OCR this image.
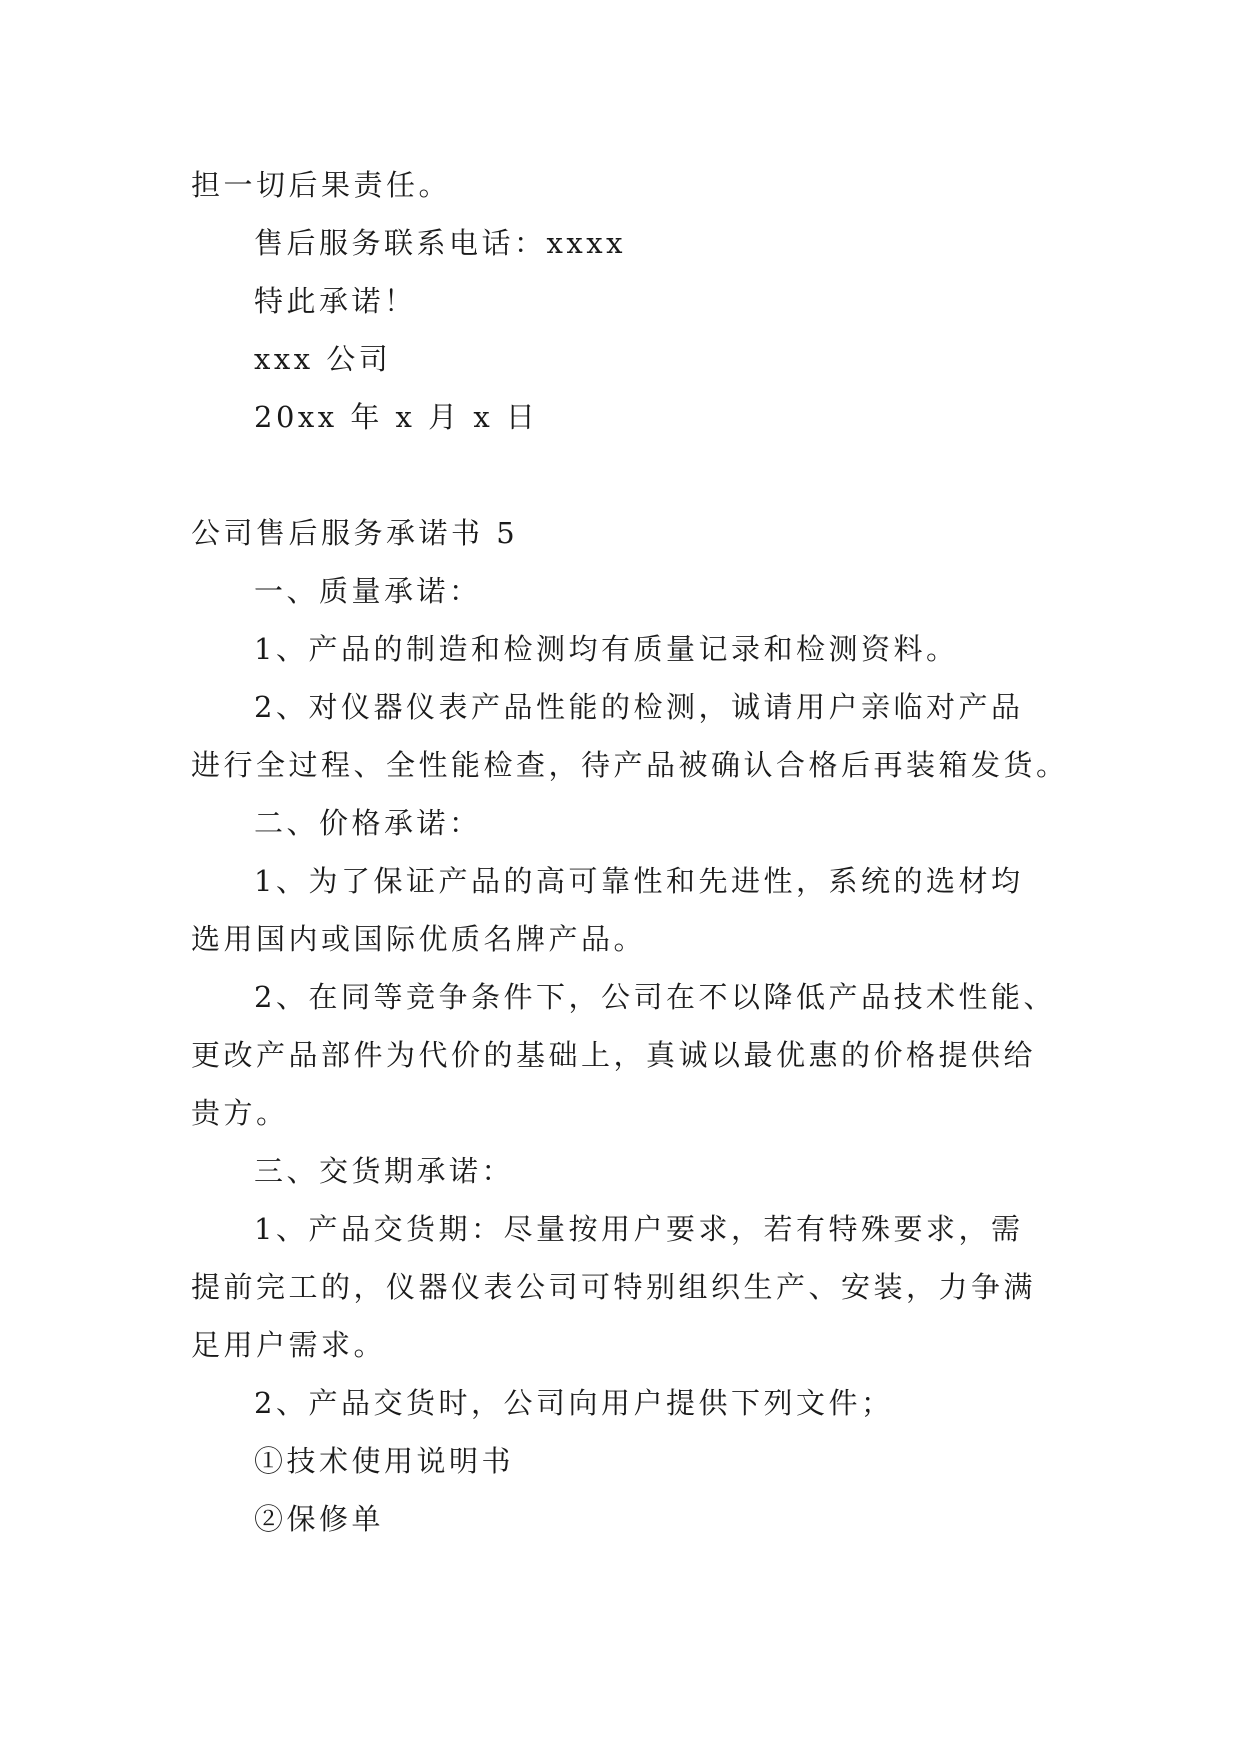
担一切后果责任。
售后服务联系电话：xxxx
特此承诺！
xxx 公司
20xx 年 x 月 x 日
公司售后服务承诺书 5
一、质量承诺：
1、产品的制造和检测均有质量记录和检测资料。
2、对仪器仪表产品性能的检测，诚请用户亲临对产品
进行全过程、全性能检查，待产品被确认合格后再装箱发货。
二、价格承诺：
1、为了保证产品的高可靠性和先进性，系统的选材均
选用国内或国际优质名牌产品。
2、在同等竞争条件下，公司在不以降低产品技术性能、
更改产品部件为代价的基础上，真诚以最优惠的价格提供给
贵方。
三、交货期承诺：
1、产品交货期：尽量按用户要求，若有特殊要求，需
提前完工的，仪器仪表公司可特别组织生产、安装，力争满
足用户需求。
2、产品交货时，公司向用户提供下列文件；
①技术使用说明书
②保修单
